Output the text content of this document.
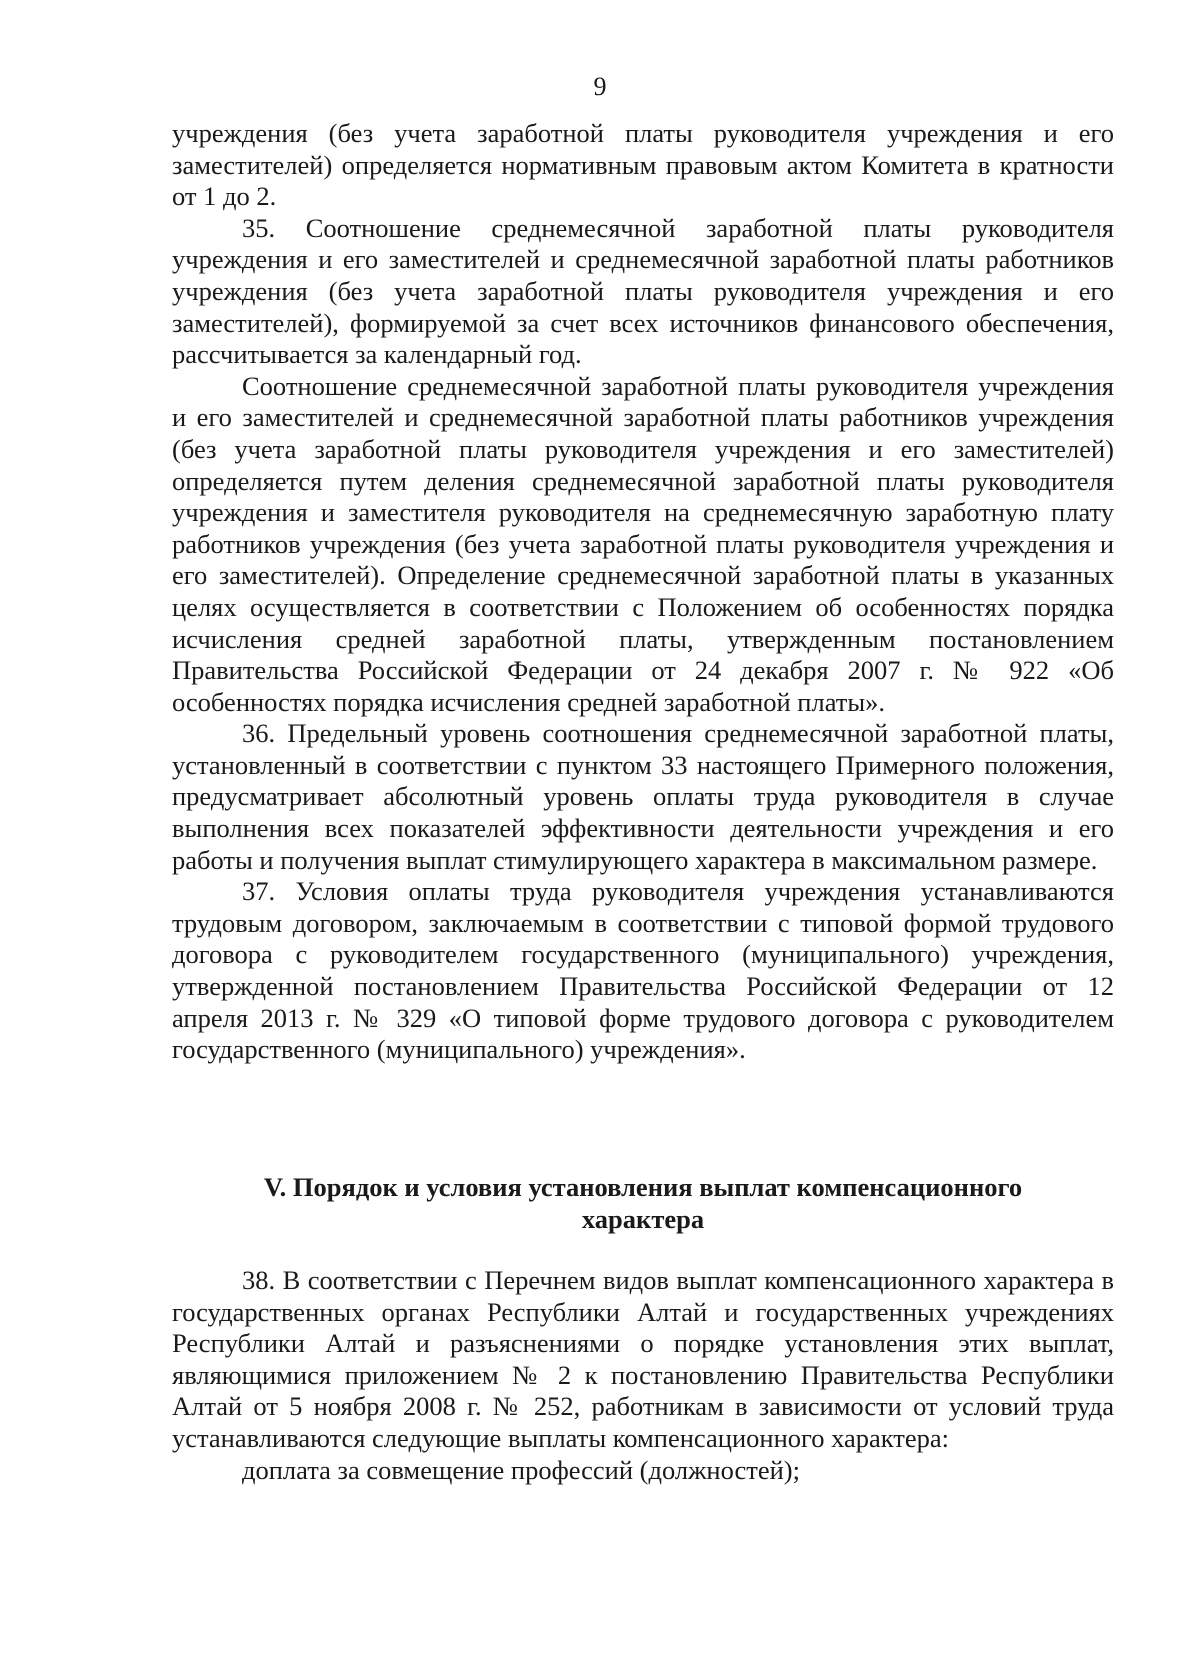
9

учреждения (без учета заработной платы руководителя учреждения и его заместителей) определяется нормативным правовым актом Комитета в кратности от 1 до 2.

35. Соотношение среднемесячной заработной платы руководителя учреждения и его заместителей и среднемесячной заработной платы работников учреждения (без учета заработной платы руководителя учреждения и его заместителей), формируемой за счет всех источников финансового обеспечения, рассчитывается за календарный год.

Соотношение среднемесячной заработной платы руководителя учреждения и его заместителей и среднемесячной заработной платы работников учреждения (без учета заработной платы руководителя учреждения и его заместителей) определяется путем деления среднемесячной заработной платы руководителя учреждения и заместителя руководителя на среднемесячную заработную плату работников учреждения (без учета заработной платы руководителя учреждения и его заместителей). Определение среднемесячной заработной платы в указанных целях осуществляется в соответствии с Положением об особенностях порядка исчисления средней заработной платы, утвержденным постановлением Правительства Российской Федерации от 24 декабря 2007 г. № 922 «Об особенностях порядка исчисления средней заработной платы».

36. Предельный уровень соотношения среднемесячной заработной платы, установленный в соответствии с пунктом 33 настоящего Примерного положения, предусматривает абсолютный уровень оплаты труда руководителя в случае выполнения всех показателей эффективности деятельности учреждения и его работы и получения выплат стимулирующего характера в максимальном размере.

37. Условия оплаты труда руководителя учреждения устанавливаются трудовым договором, заключаемым в соответствии с типовой формой трудового договора с руководителем государственного (муниципального) учреждения, утвержденной постановлением Правительства Российской Федерации от 12 апреля 2013 г. № 329 «О типовой форме трудового договора с руководителем государственного (муниципального) учреждения».

V. Порядок и условия установления выплат компенсационного
характера

38. В соответствии с Перечнем видов выплат компенсационного характера в государственных органах Республики Алтай и государственных учреждениях Республики Алтай и разъяснениями о порядке установления этих выплат, являющимися приложением № 2 к постановлению Правительства Республики Алтай от 5 ноября 2008 г. № 252, работникам в зависимости от условий труда устанавливаются следующие выплаты компенсационного характера:

доплата за совмещение профессий (должностей);
